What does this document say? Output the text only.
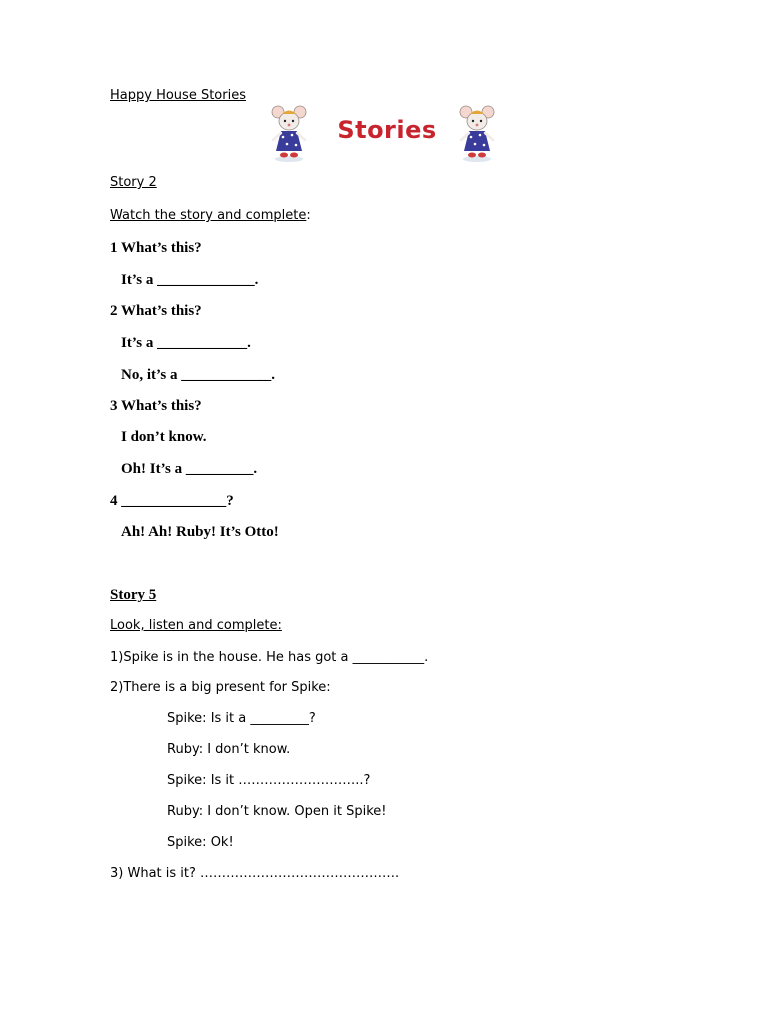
Happy House Stories
Stories
Story 2
Watch the story and complete:
1 What’s this?
It’s a _____________.
2 What’s this?
It’s a ____________.
No, it’s a ____________.
3 What’s this?
I don’t know.
Oh! It’s a _________.
4 ______________?
Ah! Ah! Ruby! It’s Otto!
Story 5
Look, listen and complete:
1)Spike is in the house. He has got a ___________.
2)There is a big present for Spike:
Spike: Is it a _________?
Ruby: I don’t know.
Spike: Is it ………………………..?
Ruby: I don’t know. Open it Spike!
Spike: Ok!
3) What is it? ……………………………………….
